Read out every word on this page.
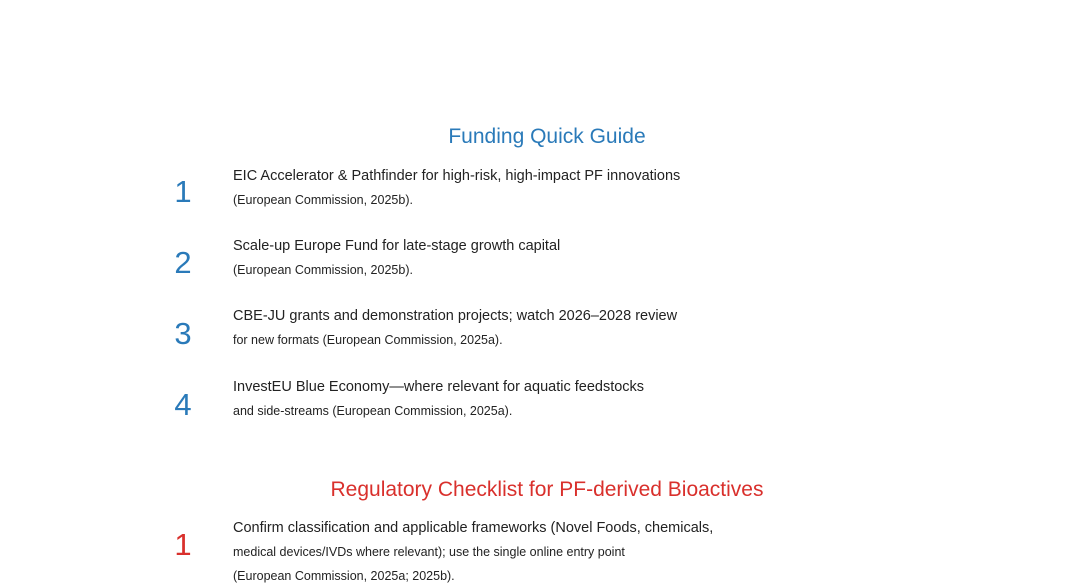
Funding Quick Guide
1	EIC Accelerator & Pathfinder for high-risk, high-impact PF innovations
(European Commission, 2025b).
2	Scale-up Europe Fund for late-stage growth capital
(European Commission, 2025b).
3	CBE-JU grants and demonstration projects; watch 2026–2028 review
for new formats (European Commission, 2025a).
4	InvestEU Blue Economy—where relevant for aquatic feedstocks
and side-streams (European Commission, 2025a).
Regulatory Checklist for PF-derived Bioactives
1	Confirm classification and applicable frameworks (Novel Foods, chemicals,
medical devices/IVDs where relevant); use the single online entry point
(European Commission, 2025a; 2025b).
